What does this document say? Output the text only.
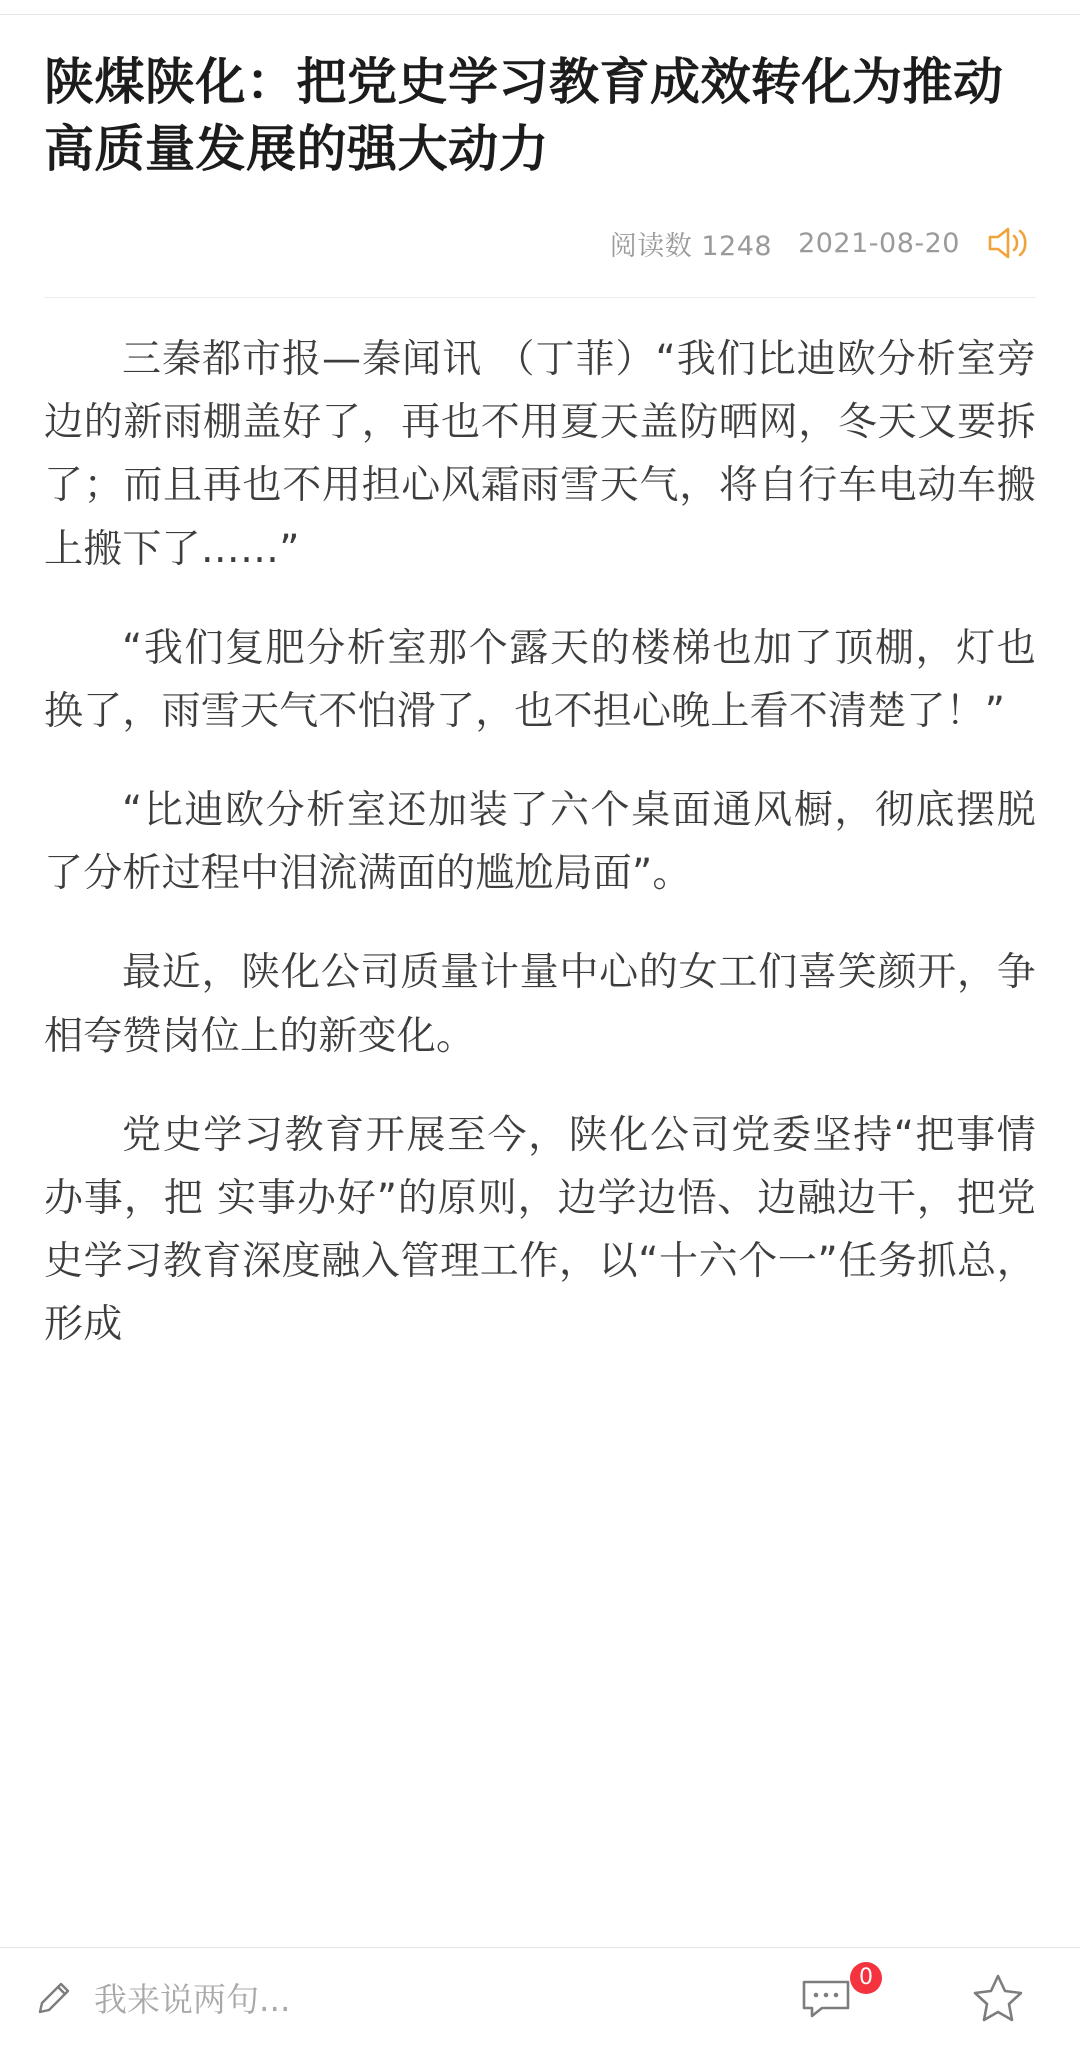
陕煤陕化：把党史学习教育成效转化为推动高质量发展的强大动力
阅读数 1248 2021-08-20

三秦都市报—秦闻讯 （丁菲）“我们比迪欧分析室旁边的新雨棚盖好了，再也不用夏天盖防晒网，冬天又要拆了；而且再也不用担心风霜雨雪天气，将自行车电动车搬上搬下了……”

“我们复肥分析室那个露天的楼梯也加了顶棚，灯也换了，雨雪天气不怕滑了，也不担心晚上看不清楚了！”

“比迪欧分析室还加装了六个桌面通风橱，彻底摆脱了分析过程中泪流满面的尴尬局面”。

最近，陕化公司质量计量中心的女工们喜笑颜开，争相夸赞岗位上的新变化。

党史学习教育开展至今，陕化公司党委坚持“把事情办事，把 实事办好”的原则，边学边悟、边融边干，把党史学习教育深度融入管理工作，以“十六个一”任务抓总，形成

我来说两句...
0
